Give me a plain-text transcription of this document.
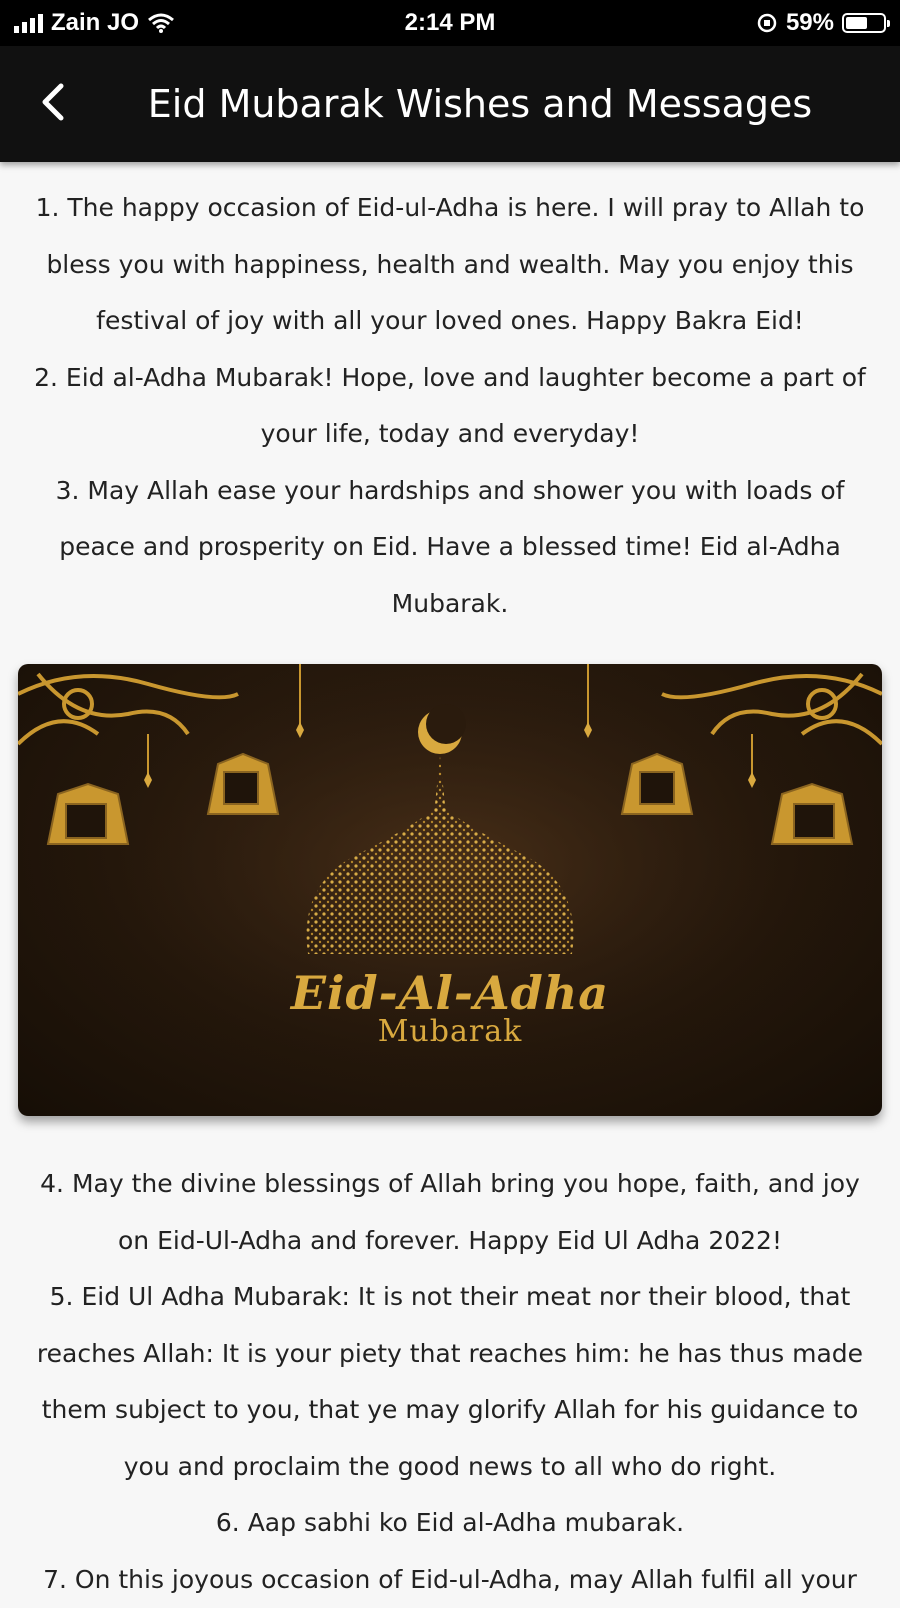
Zain JO	2:14 PM	59%
Eid Mubarak Wishes and Messages

1. The happy occasion of Eid-ul-Adha is here. I will pray to Allah to bless you with happiness, health and wealth. May you enjoy this festival of joy with all your loved ones. Happy Bakra Eid!

2. Eid al-Adha Mubarak! Hope, love and laughter become a part of your life, today and everyday!

3. May Allah ease your hardships and shower you with loads of peace and prosperity on Eid. Have a blessed time! Eid al-Adha Mubarak.

Eid-Al-Adha
Mubarak

4. May the divine blessings of Allah bring you hope, faith, and joy on Eid-Ul-Adha and forever. Happy Eid Ul Adha 2022!

5. Eid Ul Adha Mubarak: It is not their meat nor their blood, that reaches Allah: It is your piety that reaches him: he has thus made them subject to you, that ye may glorify Allah for his guidance to you and proclaim the good news to all who do right.

6. Aap sabhi ko Eid al-Adha mubarak.

7. On this joyous occasion of Eid-ul-Adha, may Allah fulfil all your
